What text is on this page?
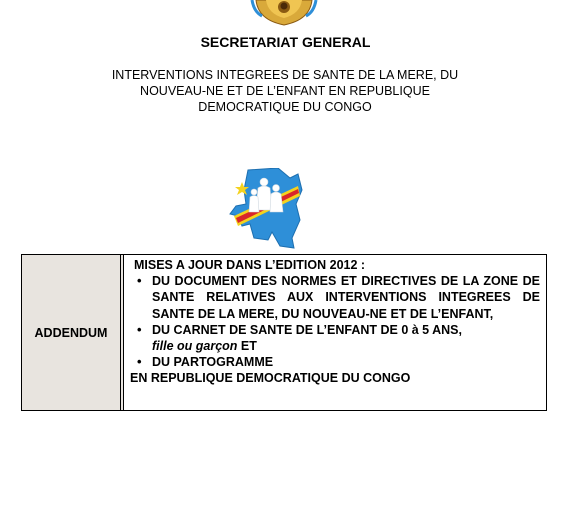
SECRETARIAT GENERAL
INTERVENTIONS INTEGREES DE SANTE DE LA MERE, DU
NOUVEAU-NE ET DE L’ENFANT EN REPUBLIQUE
DEMOCRATIQUE DU CONGO
ADDENDUM
MISES A JOUR DANS L’EDITION 2012 :
• DU DOCUMENT DES NORMES ET DIRECTIVES DE LA ZONE DE SANTE RELATIVES AUX INTERVENTIONS INTEGREES DE SANTE DE LA MERE, DU NOUVEAU-NE ET DE L’ENFANT,
• DU CARNET DE SANTE DE L’ENFANT DE 0 à 5 ANS,
fille ou garçon ET
• DU PARTOGRAMME
EN REPUBLIQUE DEMOCRATIQUE DU CONGO
